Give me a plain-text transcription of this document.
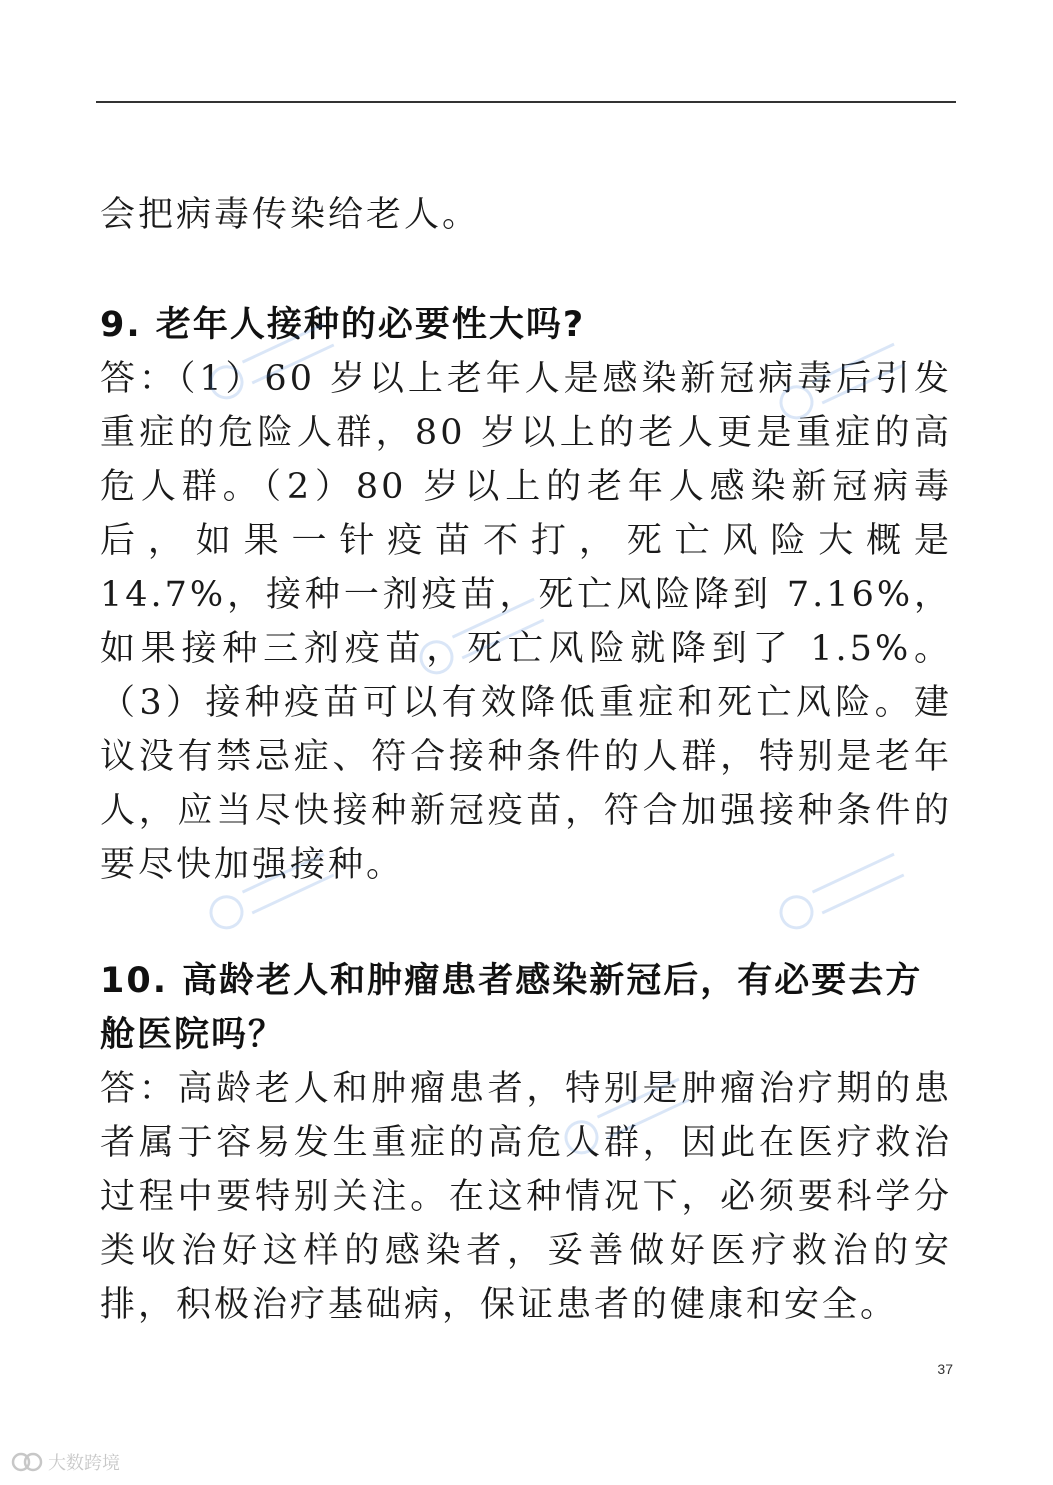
会把病毒传染给老人。

9. 老年人接种的必要性大吗?

答：（1）60 岁以上老年人是感染新冠病毒后引发重症的危险人群，80 岁以上的老人更是重症的高危人群。（2）80 岁以上的老年人感染新冠病毒后，如果一针疫苗不打，死亡风险大概是 14.7%，接种一剂疫苗，死亡风险降到 7.16%，如果接种三剂疫苗，死亡风险就降到了 1.5%。（3）接种疫苗可以有效降低重症和死亡风险。建议没有禁忌症、符合接种条件的人群，特别是老年人，应当尽快接种新冠疫苗，符合加强接种条件的要尽快加强接种。

10. 高龄老人和肿瘤患者感染新冠后，有必要去方舱医院吗？

答：高龄老人和肿瘤患者，特别是肿瘤治疗期的患者属于容易发生重症的高危人群，因此在医疗救治过程中要特别关注。在这种情况下，必须要科学分类收治好这样的感染者，妥善做好医疗救治的安排，积极治疗基础病，保证患者的健康和安全。

37
大数跨境
